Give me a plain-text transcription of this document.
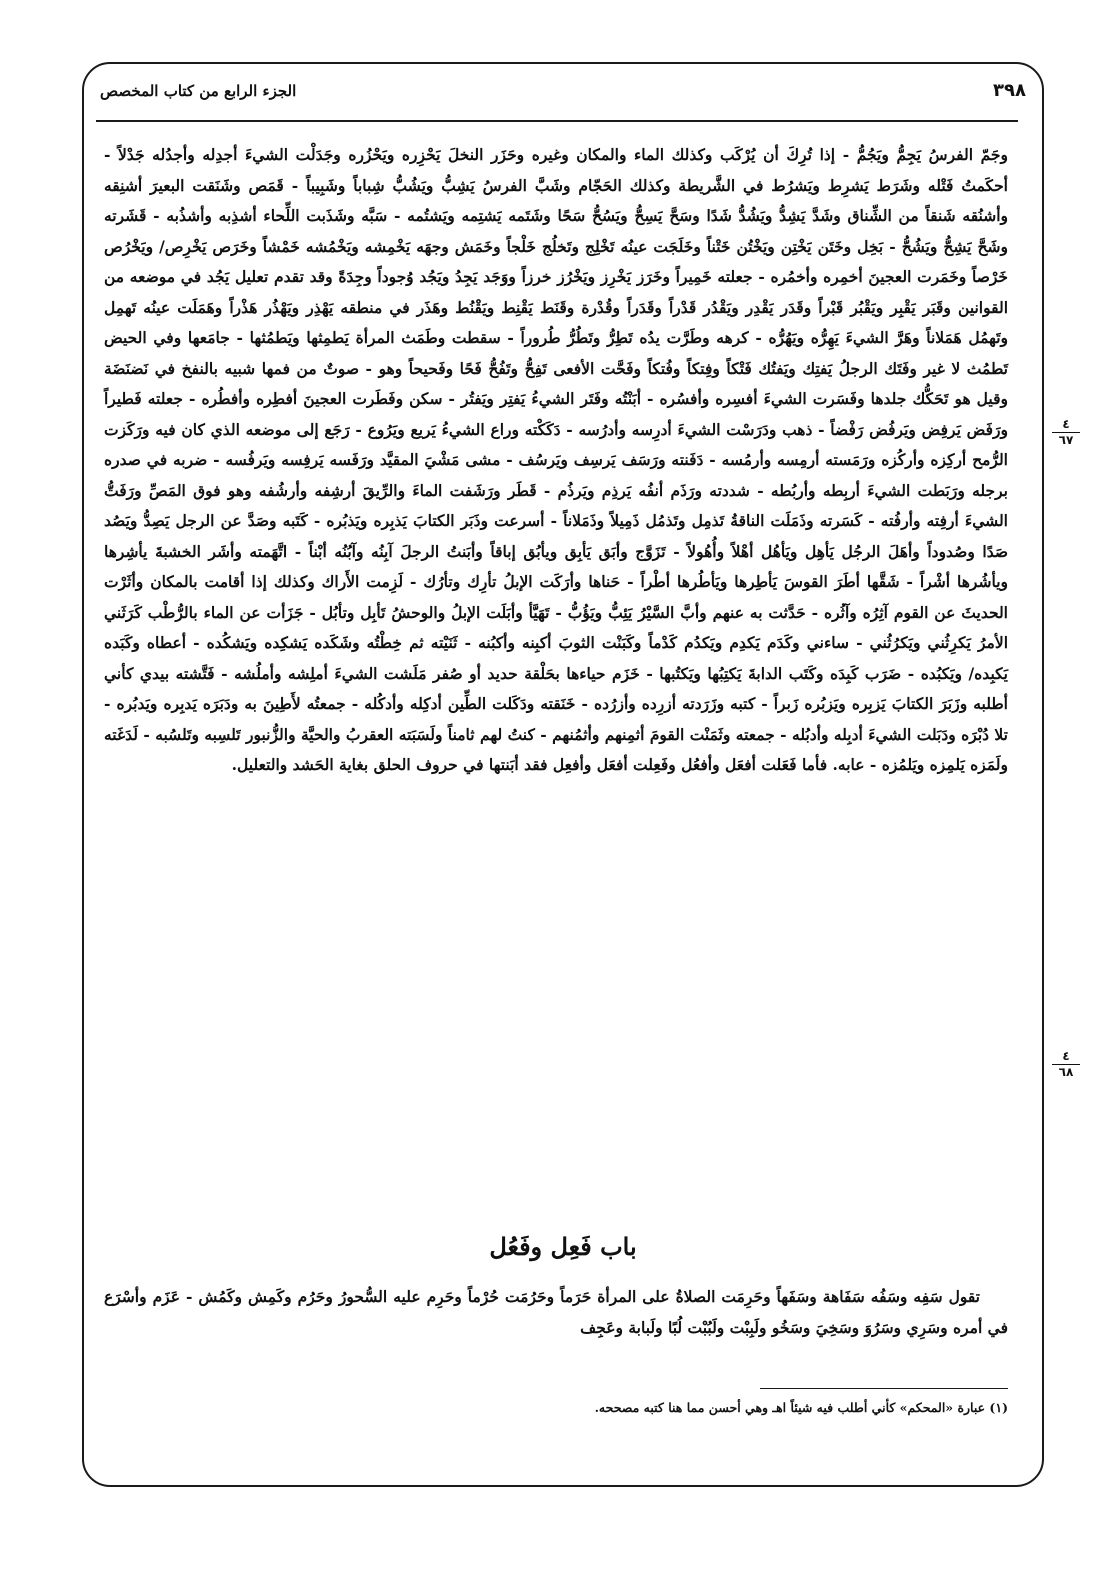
٣٩٨
الجزء الرابع من كتاب المخصص

وجَمّ الفرسُ يَجِمُّ ويَجُمُّ - إذا تُرِكَ أن يُرْكَب وكذلك الماء والمكان وغيره وحَزَر النخلَ يَحْزِره ويَحْزُره وجَدَلْت الشيءَ أجدِله وأجدُله جَدْلاً - أحكَمتُ فَتْله وشَرَط يَشرِط ويَشرُط في الشَّريطة وكذلك الحَجّام وشَبَّ الفرسُ يَشِبُّ ويَشُبُّ شِباباً وشَبِيباً - قَمَص وشَنَقت البعيرَ أشنِقه وأشنُقه شَنقاً من الشِّناق وشَدَّ يَشِدُّ ويَشُدُّ شَدًا وسَحَّ يَسِحُّ ويَسُحُّ سَحًا وشَتَمه يَشتِمه ويَشتُمه - سَبَّه وشَذَبت اللِّحاء أشذِبه وأشذُبه - قَشَرته وشَحَّ يَشِحُّ ويَشُحُّ - بَخِل وخَتَن يَخْتِن ويَخْتُن خَتْناً وخَلَجَت عينُه تَخْلِج وتَخلُج خَلْجاً وخَمَش وجهَه يَخْمِشه ويَخْمُشه خَمْشاً وخَرَص يَخْرِص/ ويَخْرُص خَرْصاً وخَمَرت العجينَ أخمِره وأخمُره - جعلته خَمِيراً وخَرَز يَخْرِز ويَخْرُز خرزاً ووَجَد يَجِدُ ويَجُد وُجوداً وجِدَةً وقد تقدم تعليل يَجُد في موضعه من القوانين وقَبَر يَقْبِر ويَقْبُر قَبْراً وقَدَر يَقْدِر ويَقْدُر قَدْراً وقَدَراً وقُدْرة وقَنَط يَقْنِط ويَقْنُط وهَذَر في منطقه يَهْذِر ويَهْذُر هَذْراً وهَمَلَت عينُه تَهمِل وتَهمُل هَمَلاناً وهَرَّ الشيءَ يَهِرُّه ويَهُرُّه - كرهه وطَرَّت يدُه تَطِرُّ وتَطُرُّ طُروراً - سقطت وطَمَث المرأة يَطمِثها ويَطمُثها - جامَعها وفي الحيض تَطمُث لا غير وفَتَك الرجلُ يَفتِك ويَفتُك فَتْكاً وفِتكاً وفُتكاً وفَحَّت الأفعى تَفِحُّ وتَفُحُّ فَحًا وفَحيحاً وهو - صوتٌ من فمها شبيه بالنفخ في نَضنَضَة وقيل هو تَحَكُّك جلدها وفَسَرت الشيءَ أفسِره وأفسُره - أبَنْتُه وفَتَر الشيءُ يَفتِر ويَفتُر - سكن وفَطَرت العجينَ أفطِره وأفطُره - جعلته فَطيراً ورَفَض يَرفِض ويَرفُض رَفْضاً - ذهب ودَرَسْت الشيءَ أدرِسه وأدرُسه - دَكَكْته وراع الشيءُ يَريع ويَرُوع - رَجَع إلى موضعه الذي كان فيه ورَكَزت الرُّمح أركِزه وأركُزه ورَمَسته أرمِسه وأرمُسه - دَفَنته ورَسَف يَرسِف ويَرسُف - مشى مَشْيَ المقيَّد ورَفَسه يَرفِسه ويَرفُسه - ضربه في صدره برجله ورَبَطت الشيءَ أربِطه وأربُطه - شددته ورَذَم أنفُه يَرذِم ويَرذُم - قَطَر ورَشَفت الماءَ والرِّيقَ أرشِفه وأرشُفه وهو فوق المَصِّ ورَفَتُّ الشيءَ أرفِته وأرفُته - كَسَرته وذَمَلَت الناقةُ تَذمِل وتَذمُل ذَمِيلاً وذَمَلاناً - أسرعت وذَبَر الكتابَ يَذبِره ويَذبُره - كَتَبه وصَدَّ عن الرجل يَصِدُّ ويَصُد صَدًا وصُدوداً وأهَلَ الرجُل يَأهِل ويَأهُل أهْلاً وأُهُولاً - تَزَوَّج وأبَق يَأبِق ويأبُق إباقاً وأبَنتُ الرجلَ آبِنُه وآبُنُه أبْناً - اتَّهَمته وأشَر الخشبةَ يأشِرها ويأشُرها أشْراً - شَقَّها أطَرَ القوسَ يَأطِرها ويَأطُرها أطْراً - حَناها وأرَكَت الإبلُ تأرِك وتأرُك - لَزِمت الأَراك وكذلك إذا أقامت بالمكان وأثَرْت الحديثَ عن القوم آثِرُه وآثُره - حَدَّثت به عنهم وأبَّ السَّيْرُ يَئِبُّ ويَؤُبُّ - تَهَيَّأ وأبَلَت الإبلُ والوحشُ تَأبِل وتأبُل - جَزَأت عن الماء بالرُّطْب كَرَثَني الأمرُ يَكرِثُني ويَكرُثُني - ساءني وكَدَم يَكدِم ويَكدُم كَدْماً وكَبَنْت الثوبَ أكبِنه وأكبُنه - ثَنَيْته ثم خِطْتُه وشَكَده يَشكِده ويَشكُده - أعطاه وكَبَده يَكبِده/ ويَكبُده - ضَرَب كَبِدَه وكَتَب الدابةَ يَكتِبُها ويَكتُبها - خَزَم حياءها بحَلْقة حديد أو صُفر مَلَشت الشيءَ أملِشه وأملُشه - فَتَّشته بيدي كأني أطلبه وزَبَرَ الكتابَ يَزبِره ويَزبُره زَبراً - كتبه وزَرَدته أزرِده وأزرُده - خَنَقته ودَكَلت الطِّين أدكِله وأدكُله - جمعتُه لأَطِينَ به ودَبَرَه يَدبِره ويَدبُره - تلا دُبْرَه ودَبَلت الشيءَ أدبِله وأدبُله - جمعته وثَمَنْت القومَ أثمِنهم وأثمُنهم - كنتُ لهم ثامناً ولَسَبَته العقربُ والحيَّة والزُّنبور تَلسِبه وتَلسُبه - لَدَغَته ولَمَزه يَلمِزه ويَلمُزه - عابه. فأما فَعَلت أفعَل وأفعُل وفَعِلت أفعَل وأفعِل فقد أبَنتها في حروف الحلق بغاية الحَشد والتعليل.

٤
٦٧
٤
٦٨
باب فَعِل وفَعُل

تقول سَفِه وسَفُه سَفَاهة وسَفَهاً وحَرِمَت الصلاةُ على المرأة حَرَماً وحَرُمَت حُرْماً وحَرِم عليه السُّحورُ وحَرُم وكَمِش وكَمُش - عَزَم وأسْرَع في أمره وسَرِي وسَرُوَ وسَخِيَ وسَخُو ولَبِبْت ولَبُبْت لُبًا ولَبابة وعَجِف

(١) عبارة «المحكم» كأني أطلب فيه شيئاً اهـ وهي أحسن مما هنا كتبه مصححه.
